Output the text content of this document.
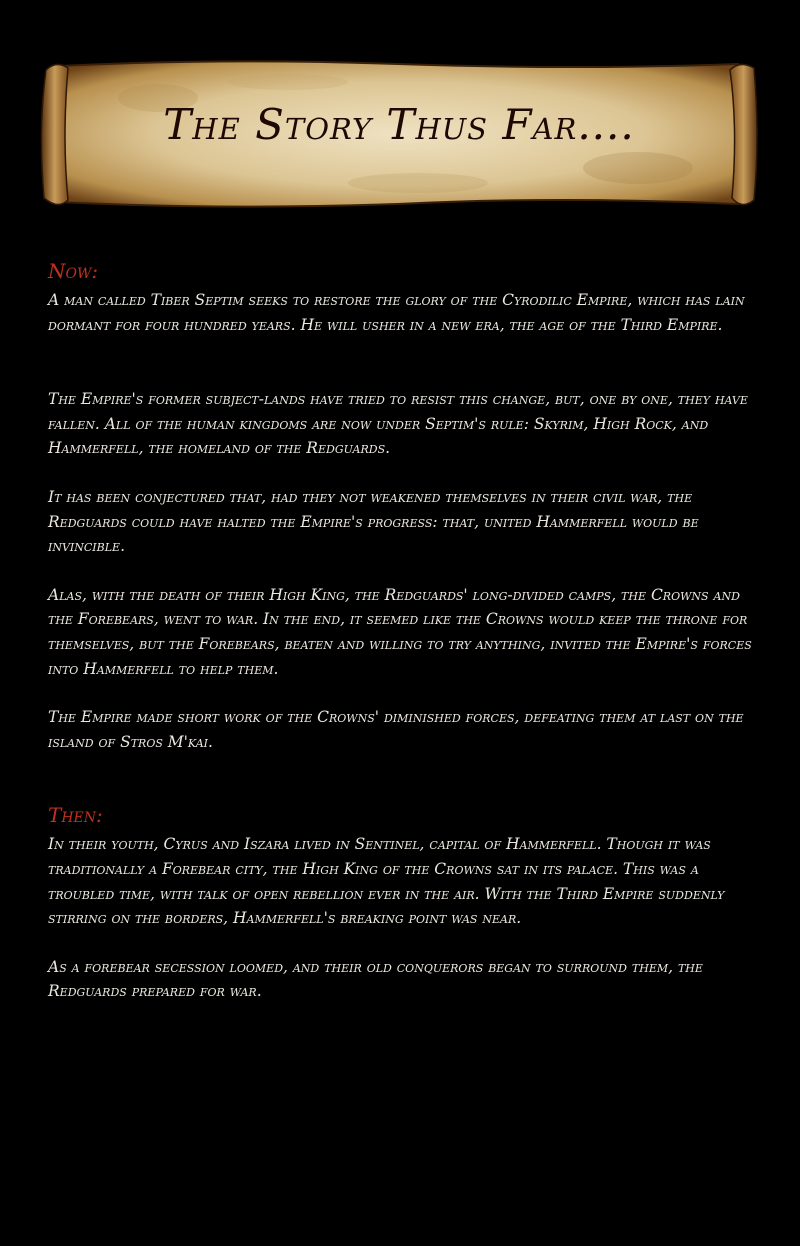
The Story Thus Far....
Now:

A man called Tiber Septim seeks to restore the glory of the Cyrodilic Empire, which has lain dormant for four hundred years. He will usher in a new era, the age of the Third Empire.

The Empire's former subject-lands have tried to resist this change, but, one by one, they have fallen. All of the human kingdoms are now under Septim's rule: Skyrim, High Rock, and Hammerfell, the homeland of the Redguards.

It has been conjectured that, had they not weakened themselves in their civil war, the Redguards could have halted the Empire's progress: that, united Hammerfell would be invincible.

Alas, with the death of their High King, the Redguards' long-divided camps, the Crowns and the Forebears, went to war. In the end, it seemed like the Crowns would keep the throne for themselves, but the Forebears, beaten and willing to try anything, invited the Empire's forces into Hammerfell to help them.

The Empire made short work of the Crowns' diminished forces, defeating them at last on the island of Stros M'kai.

Then:

In their youth, Cyrus and Iszara lived in Sentinel, capital of Hammerfell. Though it was traditionally a Forebear city, the High King of the Crowns sat in its palace. This was a troubled time, with talk of open rebellion ever in the air. With the Third Empire suddenly stirring on the borders, Hammerfell's breaking point was near.

As a forebear secession loomed, and their old conquerors began to surround them, the Redguards prepared for war.
